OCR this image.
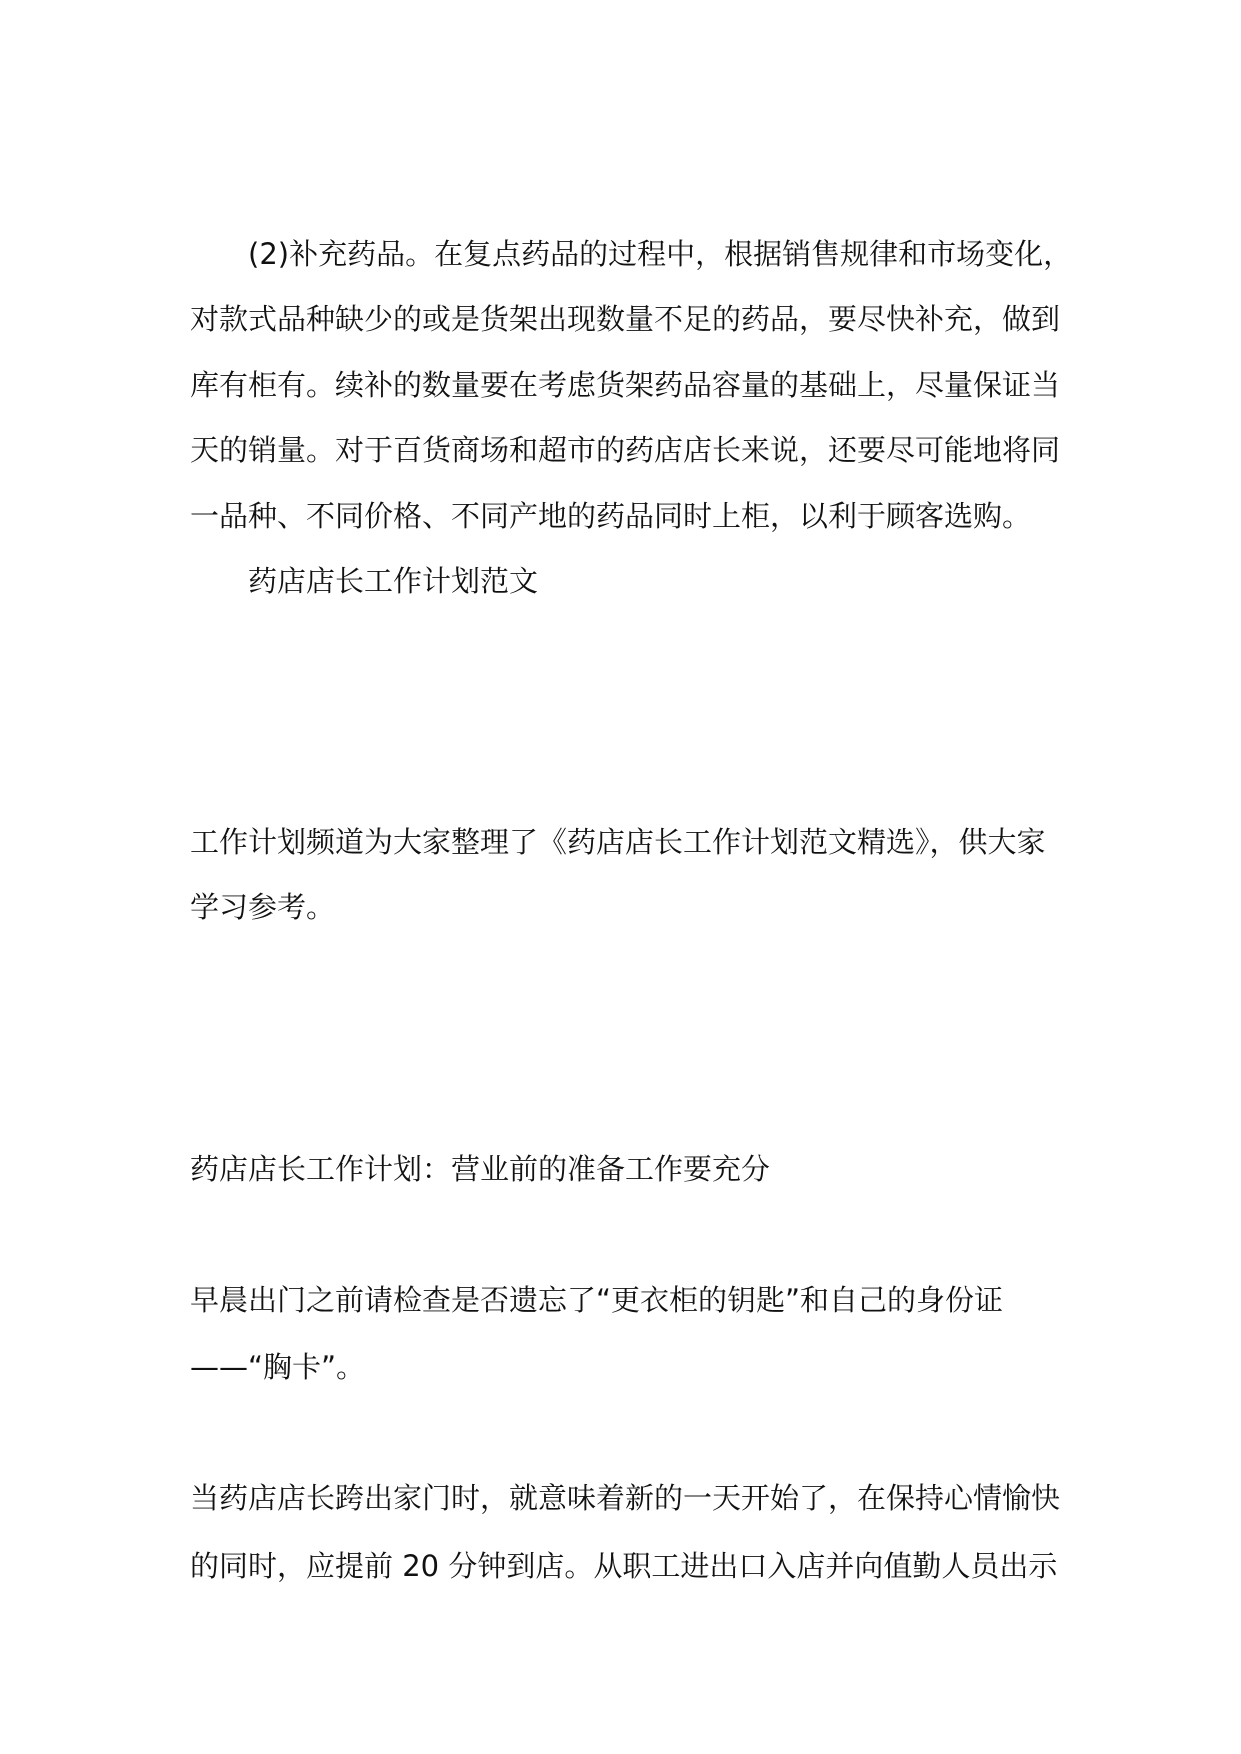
(2)补充药品。在复点药品的过程中，根据销售规律和市场变化，
对款式品种缺少的或是货架出现数量不足的药品，要尽快补充，做到
库有柜有。续补的数量要在考虑货架药品容量的基础上，尽量保证当
天的销量。对于百货商场和超市的药店店长来说，还要尽可能地将同
一品种、不同价格、不同产地的药品同时上柜，以利于顾客选购。
药店店长工作计划范文
工作计划频道为大家整理了《药店店长工作计划范文精选》，供大家
学习参考。
药店店长工作计划：营业前的准备工作要充分
早晨出门之前请检查是否遗忘了“更衣柜的钥匙”和自己的身份证
——“胸卡”。
当药店店长跨出家门时，就意味着新的一天开始了，在保持心情愉快
的同时，应提前 20 分钟到店。从职工进出口入店并向值勤人员出示
